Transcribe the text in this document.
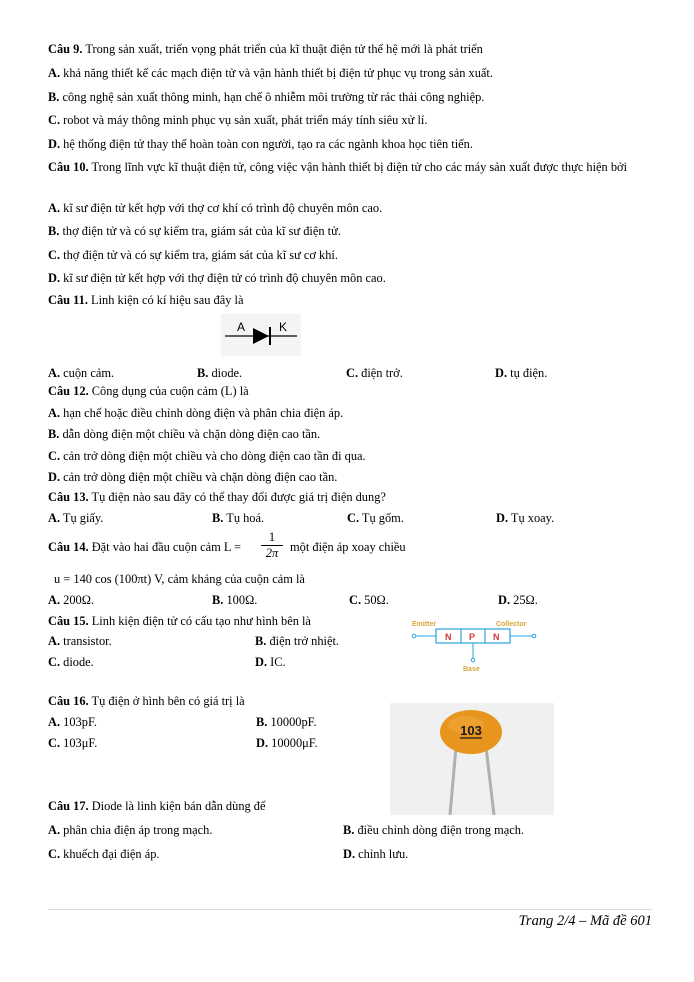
Câu 9. Trong sản xuất, triển vọng phát triển của kĩ thuật điện tử thế hệ mới là phát triển
A. khả năng thiết kế các mạch điện tử và vận hành thiết bị điện tử phục vụ trong sản xuất.
B. công nghệ sản xuất thông minh, hạn chế ô nhiễm môi trường từ rác thải công nghiệp.
C. robot và máy thông minh phục vụ sản xuất, phát triển máy tính siêu xử lí.
D. hệ thống điện tử thay thế hoàn toàn con người, tạo ra các ngành khoa học tiên tiến.
Câu 10. Trong lĩnh vực kĩ thuật điện tử, công việc vận hành thiết bị điện tử cho các máy sản xuất được thực hiện bởi
A. kĩ sư điện tử kết hợp với thợ cơ khí có trình độ chuyên môn cao.
B. thợ điện tử và có sự kiểm tra, giám sát của kĩ sư điện tử.
C. thợ điện tử và có sự kiểm tra, giám sát của kĩ sư cơ khí.
D. kĩ sư điện tử kết hợp với thợ điện tử có trình độ chuyên môn cao.
Câu 11. Linh kiện có kí hiệu sau đây là
A	K
A. cuộn cảm.	B. diode.	C. điện trở.	D. tụ điện.
Câu 12. Công dụng của cuộn cảm (L) là
A. hạn chế hoặc điều chỉnh dòng điện và phân chia điện áp.
B. dẫn dòng điện một chiều và chặn dòng điện cao tần.
C. cản trở dòng điện một chiều và cho dòng điện cao tần đi qua.
D. cản trở dòng điện một chiều và chặn dòng điện cao tần.
Câu 13. Tụ điện nào sau đây có thể thay đổi được giá trị điện dung?
A. Tụ giấy.	B. Tụ hoá.	C. Tụ gốm.	D. Tụ xoay.
Câu 14. Đặt vào hai đầu cuộn cảm L =
1
2π một điện áp xoay chiều
u = 140 cos (100πt) V, cảm kháng của cuộn cảm là
A. 200Ω.	B. 100Ω.	C. 50Ω.	D. 25Ω.
Câu 15. Linh kiện điện tử có cấu tạo như hình bên là	Emitter	Collector
N P N
Base
A. transistor.	B. điện trở nhiệt.
C. diode.	D. IC.
Câu 16. Tụ điện ở hình bên có giá trị là
103
A. 103pF.	B. 10000pF.
C. 103μF.	D. 10000μF.
Câu 17. Diode là linh kiện bán dẫn dùng để
A. phân chia điện áp trong mạch.	B. điều chỉnh dòng điện trong mạch.
C. khuếch đại điện áp.	D. chỉnh lưu.
Trang 2/4 – Mã đề 601
